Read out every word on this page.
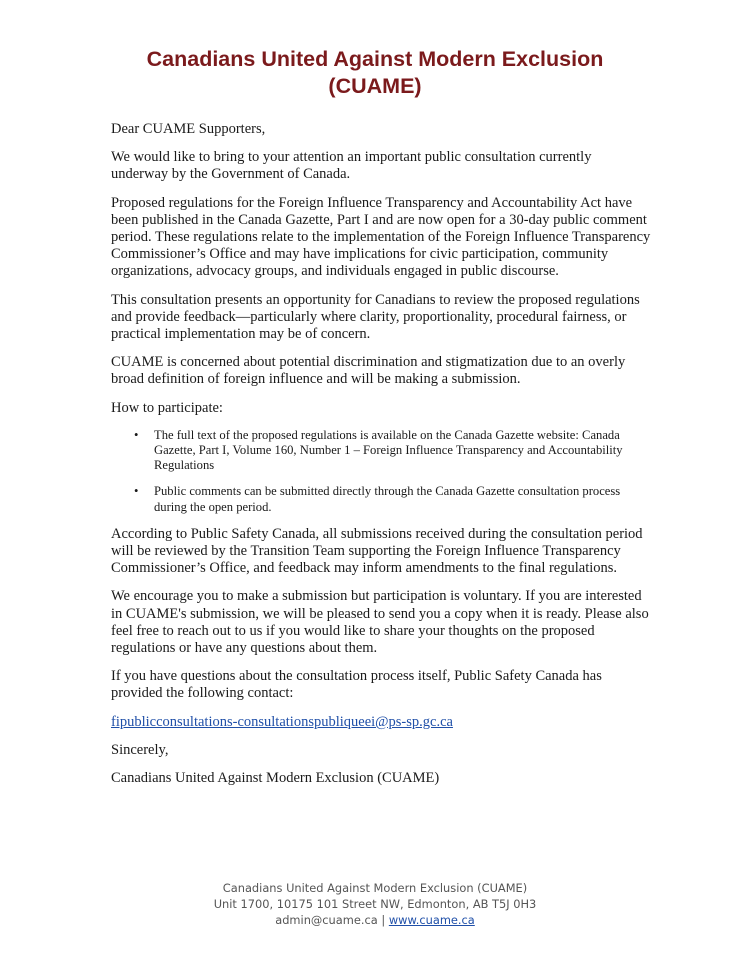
Canadians United Against Modern Exclusion
(CUAME)

Dear CUAME Supporters,

We would like to bring to your attention an important public consultation currently underway by the Government of Canada.

Proposed regulations for the Foreign Influence Transparency and Accountability Act have been published in the Canada Gazette, Part I and are now open for a 30-day public comment period. These regulations relate to the implementation of the Foreign Influence Transparency Commissioner’s Office and may have implications for civic participation, community organizations, advocacy groups, and individuals engaged in public discourse.

This consultation presents an opportunity for Canadians to review the proposed regulations and provide feedback—particularly where clarity, proportionality, procedural fairness, or practical implementation may be of concern.

CUAME is concerned about potential discrimination and stigmatization due to an overly broad definition of foreign influence and will be making a submission.

How to participate:

• The full text of the proposed regulations is available on the Canada Gazette website: Canada Gazette, Part I, Volume 160, Number 1 – Foreign Influence Transparency and Accountability Regulations
• Public comments can be submitted directly through the Canada Gazette consultation process during the open period.

According to Public Safety Canada, all submissions received during the consultation period will be reviewed by the Transition Team supporting the Foreign Influence Transparency Commissioner’s Office, and feedback may inform amendments to the final regulations.

We encourage you to make a submission but participation is voluntary. If you are interested in CUAME's submission, we will be pleased to send you a copy when it is ready. Please also feel free to reach out to us if you would like to share your thoughts on the proposed regulations or have any questions about them.

If you have questions about the consultation process itself, Public Safety Canada has provided the following contact:

fipublicconsultations-consultationspubliqueei@ps-sp.gc.ca

Sincerely,

Canadians United Against Modern Exclusion (CUAME)

Canadians United Against Modern Exclusion (CUAME)
Unit 1700, 10175 101 Street NW, Edmonton, AB T5J 0H3
admin@cuame.ca | www.cuame.ca
